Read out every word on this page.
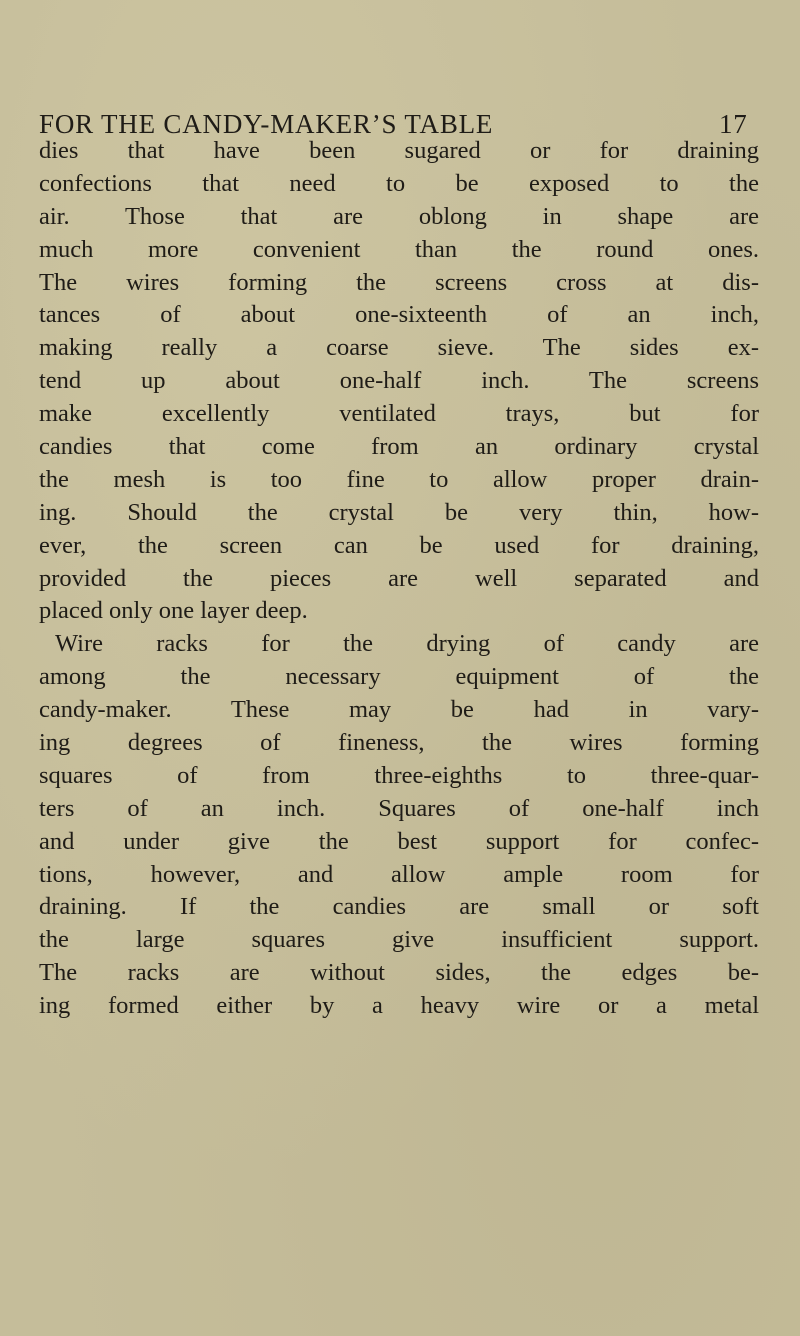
FOR THE CANDY-MAKER’S TABLE	17
dies that have been sugared or for draining
confections that need to be exposed to the
air. Those that are oblong in shape are
much more convenient than the round ones.
The wires forming the screens cross at dis-
tances of about one-sixteenth of an inch,
making really a coarse sieve. The sides ex-
tend up about one-half inch. The screens
make excellently ventilated trays, but for
candies that come from an ordinary crystal
the mesh is too fine to allow proper drain-
ing. Should the crystal be very thin, how-
ever, the screen can be used for draining,
provided the pieces are well separated and
placed only one layer deep.
Wire racks for the drying of candy are
among the necessary equipment of the
candy-maker. These may be had in vary-
ing degrees of fineness, the wires forming
squares of from three-eighths to three-quar-
ters of an inch. Squares of one-half inch
and under give the best support for confec-
tions, however, and allow ample room for
draining. If the candies are small or soft
the large squares give insufficient support.
The racks are without sides, the edges be-
ing formed either by a heavy wire or a metal
